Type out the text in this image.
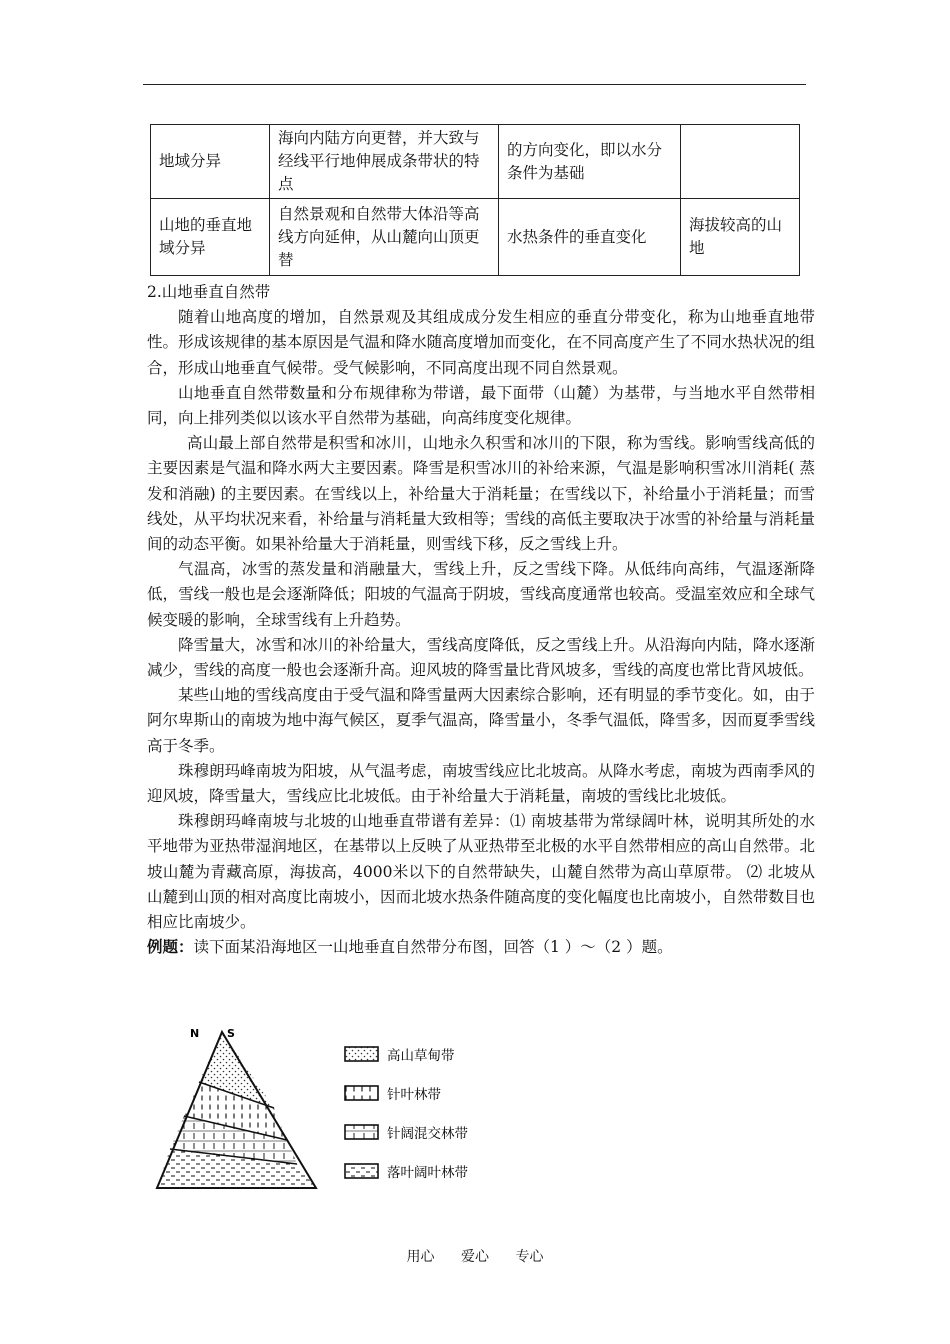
地域分异	海向内陆方向更替，并大致与经线平行地伸展成条带状的特点	的方向变化，即以水分条件为基础	
山地的垂直地域分异	自然景观和自然带大体沿等高线方向延伸，从山麓向山顶更替	水热条件的垂直变化	海拔较高的山地

2.山地垂直自然带

随着山地高度的增加，自然景观及其组成成分发生相应的垂直分带变化，称为山地垂直地带性。形成该规律的基本原因是气温和降水随高度增加而变化，在不同高度产生了不同水热状况的组合，形成山地垂直气候带。受气候影响，不同高度出现不同自然景观。

山地垂直自然带数量和分布规律称为带谱，最下面带（山麓）为基带，与当地水平自然带相同，向上排列类似以该水平自然带为基础，向高纬度变化规律。

高山最上部自然带是积雪和冰川，山地永久积雪和冰川的下限，称为雪线。影响雪线高低的主要因素是气温和降水两大主要因素。降雪是积雪冰川的补给来源，气温是影响积雪冰川消耗( 蒸发和消融) 的主要因素。在雪线以上，补给量大于消耗量；在雪线以下，补给量小于消耗量；而雪线处，从平均状况来看，补给量与消耗量大致相等；雪线的高低主要取决于冰雪的补给量与消耗量间的动态平衡。如果补给量大于消耗量，则雪线下移，反之雪线上升。

气温高，冰雪的蒸发量和消融量大，雪线上升，反之雪线下降。从低纬向高纬，气温逐渐降低，雪线一般也是会逐渐降低；阳坡的气温高于阴坡，雪线高度通常也较高。受温室效应和全球气候变暖的影响，全球雪线有上升趋势。

降雪量大，冰雪和冰川的补给量大，雪线高度降低，反之雪线上升。从沿海向内陆，降水逐渐减少，雪线的高度一般也会逐渐升高。迎风坡的降雪量比背风坡多，雪线的高度也常比背风坡低。

某些山地的雪线高度由于受气温和降雪量两大因素综合影响，还有明显的季节变化。如，由于阿尔卑斯山的南坡为地中海气候区，夏季气温高，降雪量小，冬季气温低，降雪多，因而夏季雪线高于冬季。

珠穆朗玛峰南坡为阳坡，从气温考虑，南坡雪线应比北坡高。从降水考虑，南坡为西南季风的迎风坡，降雪量大，雪线应比北坡低。由于补给量大于消耗量，南坡的雪线比北坡低。

珠穆朗玛峰南坡与北坡的山地垂直带谱有差异：⑴ 南坡基带为常绿阔叶林，说明其所处的水平地带为亚热带湿润地区，在基带以上反映了从亚热带至北极的水平自然带相应的高山自然带。北坡山麓为青藏高原，海拔高，4000米以下的自然带缺失，山麓自然带为高山草原带。 ⑵ 北坡从山麓到山顶的相对高度比南坡小，因而北坡水热条件随高度的变化幅度也比南坡小，自然带数目也相应比南坡少。

例题：读下面某沿海地区一山地垂直自然带分布图，回答（1 ）～（2 ）题。

N	S
高山草甸带
针叶林带
针阔混交林带
落叶阔叶林带
用心 爱心 专心
